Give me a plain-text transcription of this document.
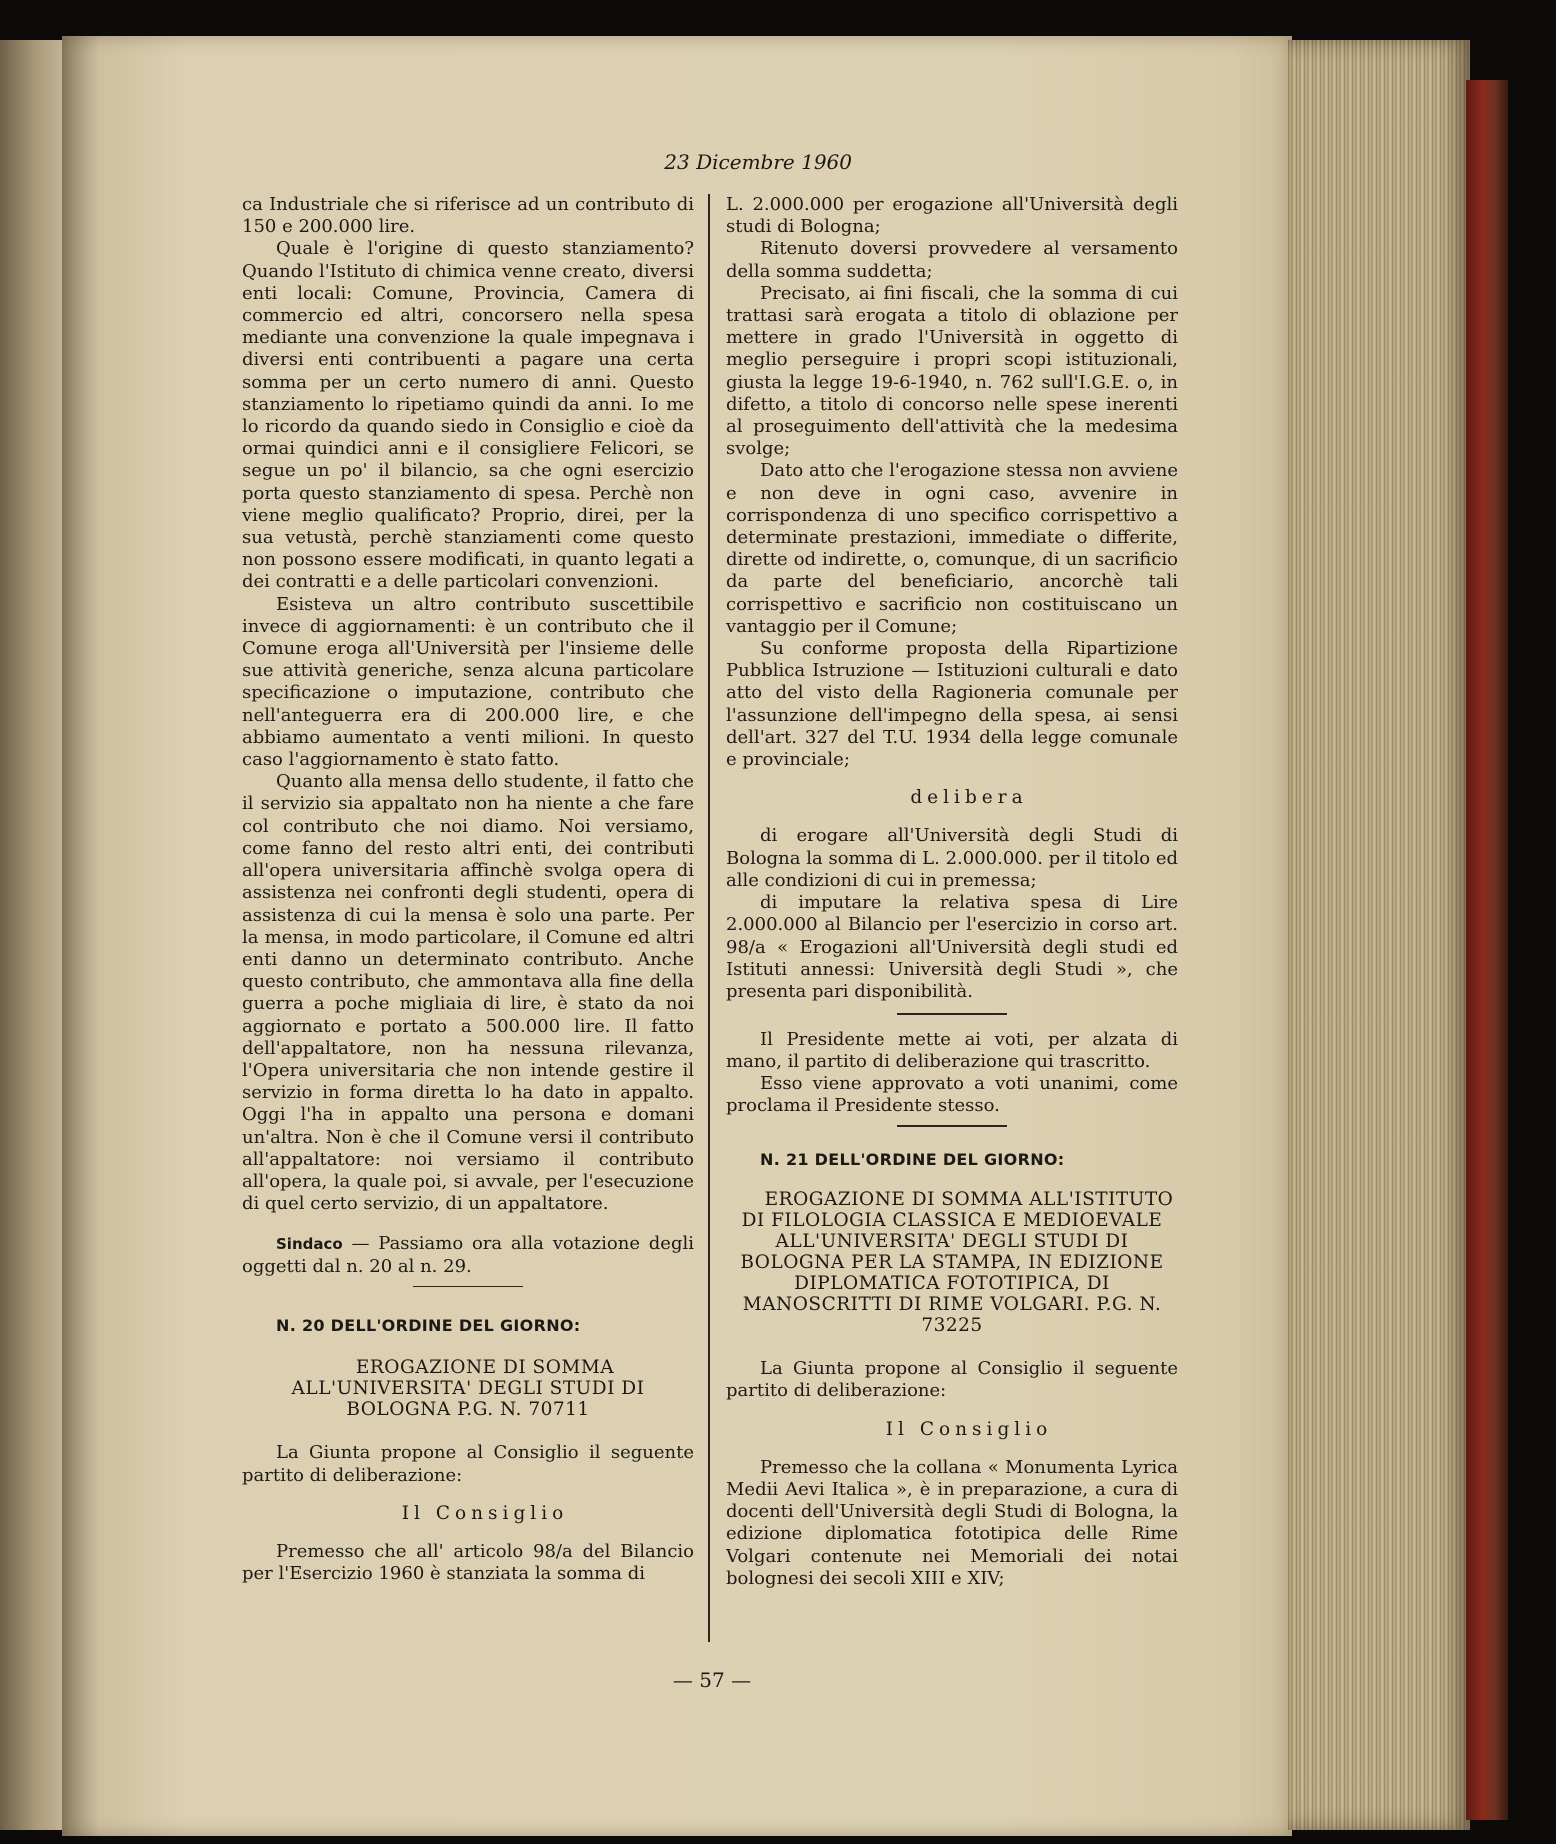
23 Dicembre 1960

ca Industriale che si riferisce ad un contributo di 150 e 200.000 lire.

Quale è l'origine di questo stanziamento? Quando l'Istituto di chimica venne creato, diversi enti locali: Comune, Provincia, Camera di commercio ed altri, concorsero nella spesa mediante una convenzione la quale impegnava i diversi enti contribuenti a pagare una certa somma per un certo numero di anni. Questo stanziamento lo ripetiamo quindi da anni. Io me lo ricordo da quando siedo in Consiglio e cioè da ormai quindici anni e il consigliere Felicori, se segue un po' il bilancio, sa che ogni esercizio porta questo stanziamento di spesa. Perchè non viene meglio qualificato? Proprio, direi, per la sua vetustà, perchè stanziamenti come questo non possono essere modificati, in quanto legati a dei contratti e a delle particolari convenzioni.

Esisteva un altro contributo suscettibile invece di aggiornamenti: è un contributo che il Comune eroga all'Università per l'insieme delle sue attività generiche, senza alcuna particolare specificazione o imputazione, contributo che nell'anteguerra era di 200.000 lire, e che abbiamo aumentato a venti milioni. In questo caso l'aggiornamento è stato fatto.

Quanto alla mensa dello studente, il fatto che il servizio sia appaltato non ha niente a che fare col contributo che noi diamo. Noi versiamo, come fanno del resto altri enti, dei contributi all'opera universitaria affinchè svolga opera di assistenza nei confronti degli studenti, opera di assistenza di cui la mensa è solo una parte. Per la mensa, in modo particolare, il Comune ed altri enti danno un determinato contributo. Anche questo contributo, che ammontava alla fine della guerra a poche migliaia di lire, è stato da noi aggiornato e portato a 500.000 lire. Il fatto dell'appaltatore, non ha nessuna rilevanza, l'Opera universitaria che non intende gestire il servizio in forma diretta lo ha dato in appalto. Oggi l'ha in appalto una persona e domani un'altra. Non è che il Comune versi il contributo all'appaltatore: noi versiamo il contributo all'opera, la quale poi, si avvale, per l'esecuzione di quel certo servizio, di un appaltatore.

Sindaco — Passiamo ora alla votazione degli oggetti dal n. 20 al n. 29.

N. 20 DELL'ORDINE DEL GIORNO:

EROGAZIONE DI SOMMA ALL'UNIVERSITA' DEGLI STUDI DI BOLOGNA P.G. N. 70711

La Giunta propone al Consiglio il seguente partito di deliberazione:

Il Consiglio

Premesso che all' articolo 98/a del Bilancio per l'Esercizio 1960 è stanziata la somma di

L. 2.000.000 per erogazione all'Università degli studi di Bologna;

Ritenuto doversi provvedere al versamento della somma suddetta;

Precisato, ai fini fiscali, che la somma di cui trattasi sarà erogata a titolo di oblazione per mettere in grado l'Università in oggetto di meglio perseguire i propri scopi istituzionali, giusta la legge 19-6-1940, n. 762 sull'I.G.E. o, in difetto, a titolo di concorso nelle spese inerenti al proseguimento dell'attività che la medesima svolge;

Dato atto che l'erogazione stessa non avviene e non deve in ogni caso, avvenire in corrispondenza di uno specifico corrispettivo a determinate prestazioni, immediate o differite, dirette od indirette, o, comunque, di un sacrificio da parte del beneficiario, ancorchè tali corrispettivo e sacrificio non costituiscano un vantaggio per il Comune;

Su conforme proposta della Ripartizione Pubblica Istruzione — Istituzioni culturali e dato atto del visto della Ragioneria comunale per l'assunzione dell'impegno della spesa, ai sensi dell'art. 327 del T.U. 1934 della legge comunale e provinciale;

delibera

di erogare all'Università degli Studi di Bologna la somma di L. 2.000.000. per il titolo ed alle condizioni di cui in premessa;

di imputare la relativa spesa di Lire 2.000.000 al Bilancio per l'esercizio in corso art. 98/a « Erogazioni all'Università degli studi ed Istituti annessi: Università degli Studi », che presenta pari disponibilità.

Il Presidente mette ai voti, per alzata di mano, il partito di deliberazione qui trascritto.

Esso viene approvato a voti unanimi, come proclama il Presidente stesso.

N. 21 DELL'ORDINE DEL GIORNO:

EROGAZIONE DI SOMMA ALL'ISTITUTO DI FILOLOGIA CLASSICA E MEDIOEVALE ALL'UNIVERSITA' DEGLI STUDI DI BOLOGNA PER LA STAMPA, IN EDIZIONE DIPLOMATICA FOTOTIPICA, DI MANOSCRITTI DI RIME VOLGARI. P.G. N. 73225

La Giunta propone al Consiglio il seguente partito di deliberazione:

Il Consiglio

Premesso che la collana « Monumenta Lyrica Medii Aevi Italica », è in preparazione, a cura di docenti dell'Università degli Studi di Bologna, la edizione diplomatica fototipica delle Rime Volgari contenute nei Memoriali dei notai bolognesi dei secoli XIII e XIV;

— 57 —
